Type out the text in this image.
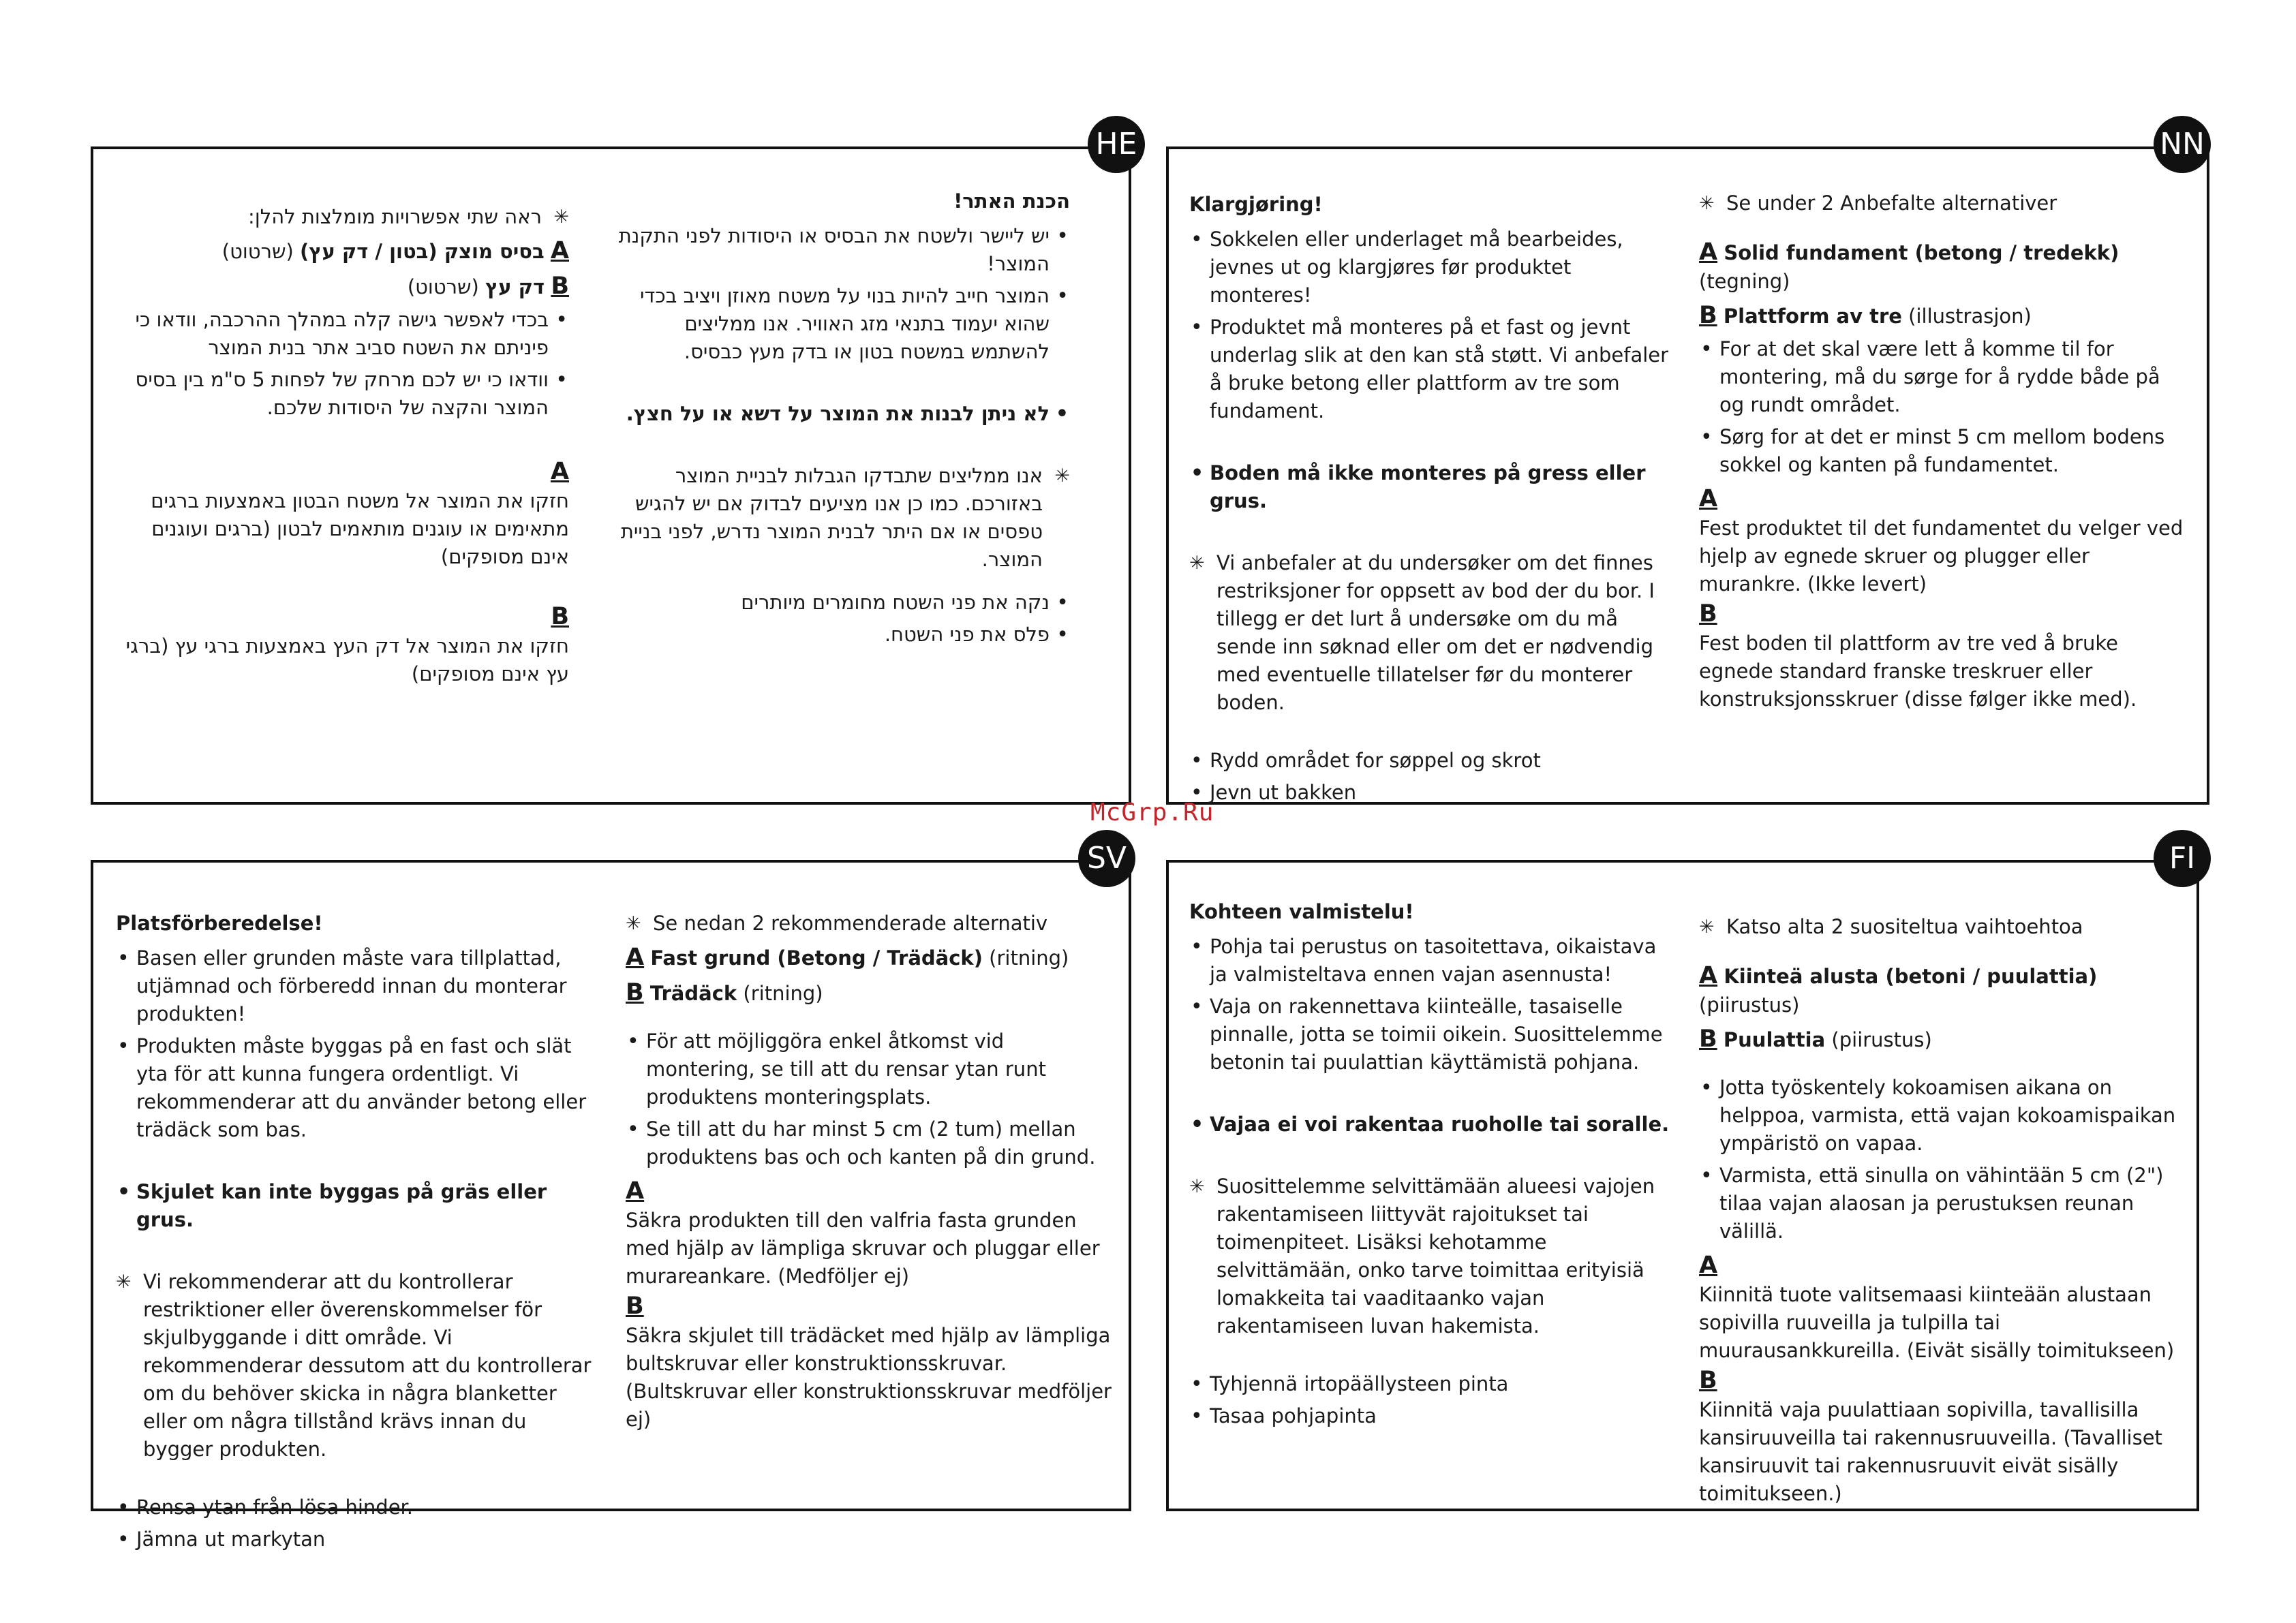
HE

הכנת האתר!

• יש ליישר ולשטח את הבסיס או היסודות לפני התקנת המוצר!

• המוצר חייב להיות בנוי על משטח מאוזן ויציב בכדי שהוא יעמוד בתנאי מזג האוויר. אנו ממליצים להשתמש במשטח בטון או בדק מעץ כבסיס.

• לא ניתן לבנות את המוצר על דשא או על חצץ.

✳ אנו ממליצים שתבדקו הגבלות לבניית המוצר באזורכם. כמו כן אנו מציעים לבדוק אם יש להגיש טפסים או אם היתר לבנית המוצר נדרש, לפני בניית המוצר.

• נקה את פני השטח מחומרים מיותרים

• פלס את פני השטח.

✳ ראה שתי אפשרויות מומלצות להלן:

A בסיס מוצק (בטון / דק עץ) (שרטוט)

B דק עץ (שרטוט)

• בכדי לאפשר גישה קלה במהלך ההרכבה, וודאו כי פיניתם את השטח סביב אתר בנית המוצר

• וודאו כי יש לכם מרחק של לפחות 5 ס"מ בין בסיס המוצר והקצה של היסודות שלכם.

A

חזקו את המוצר אל משטח הבטון באמצעות ברגים מתאימים או עוגנים מותאמים לבטון (ברגים ועוגנים אינם מסופקים)

B

חזקו את המוצר אל דק העץ באמצעות ברגי עץ (ברגי עץ אינם מסופקים)

NN

Klargjøring!

• Sokkelen eller underlaget må bearbeides, jevnes ut og klargjøres før produktet monteres!

• Produktet må monteres på et fast og jevnt underlag slik at den kan stå støtt. Vi anbefaler å bruke betong eller plattform av tre som fundament.

• Boden må ikke monteres på gress eller grus.

✳ Vi anbefaler at du undersøker om det finnes restriksjoner for oppsett av bod der du bor. I tillegg er det lurt å undersøke om du må sende inn søknad eller om det er nødvendig med eventuelle tillatelser før du monterer boden.

• Rydd området for søppel og skrot

• Jevn ut bakken

✳ Se under 2 Anbefalte alternativer

A Solid fundament (betong / tredekk) (tegning)

B Plattform av tre (illustrasjon)

• For at det skal være lett å komme til for montering, må du sørge for å rydde både på og rundt området.

• Sørg for at det er minst 5 cm mellom bodens sokkel og kanten på fundamentet.

A

Fest produktet til det fundamentet du velger ved hjelp av egnede skruer og plugger eller murankre. (Ikke levert)

B

Fest boden til plattform av tre ved å bruke egnede standard franske treskruer eller konstruksjonsskruer (disse følger ikke med).

McGrp.Ru
SV

Platsförberedelse!

• Basen eller grunden måste vara tillplattad, utjämnad och förberedd innan du monterar produkten!

• Produkten måste byggas på en fast och slät yta för att kunna fungera ordentligt. Vi rekommenderar att du använder betong eller trädäck som bas.

• Skjulet kan inte byggas på gräs eller grus.

✳ Vi rekommenderar att du kontrollerar restriktioner eller överenskommelser för skjulbyggande i ditt område. Vi rekommenderar dessutom att du kontrollerar om du behöver skicka in några blanketter eller om några tillstånd krävs innan du bygger produkten.

• Rensa ytan från lösa hinder.

• Jämna ut markytan

✳ Se nedan 2 rekommenderade alternativ

A Fast grund (Betong / Trädäck) (ritning)

B Trädäck (ritning)

• För att möjliggöra enkel åtkomst vid montering, se till att du rensar ytan runt produktens monteringsplats.

• Se till att du har minst 5 cm (2 tum) mellan produktens bas och och kanten på din grund.

A

Säkra produkten till den valfria fasta grunden med hjälp av lämpliga skruvar och pluggar eller murareankare. (Medföljer ej)

B

Säkra skjulet till trädäcket med hjälp av lämpliga bultskruvar eller konstruktionsskruvar. (Bultskruvar eller konstruktionsskruvar medföljer ej)

FI

Kohteen valmistelu!

• Pohja tai perustus on tasoitettava, oikaistava ja valmisteltava ennen vajan asennusta!

• Vaja on rakennettava kiinteälle, tasaiselle pinnalle, jotta se toimii oikein. Suosittelemme betonin tai puulattian käyttämistä pohjana.

• Vajaa ei voi rakentaa ruoholle tai soralle.

✳ Suosittelemme selvittämään alueesi vajojen rakentamiseen liittyvät rajoitukset tai toimenpiteet. Lisäksi kehotamme selvittämään, onko tarve toimittaa erityisiä lomakkeita tai vaaditaanko vajan rakentamiseen luvan hakemista.

• Tyhjennä irtopäällysteen pinta

• Tasaa pohjapinta

✳ Katso alta 2 suositeltua vaihtoehtoa

A Kiinteä alusta (betoni / puulattia) (piirustus)

B Puulattia (piirustus)

• Jotta työskentely kokoamisen aikana on helppoa, varmista, että vajan kokoamispaikan ympäristö on vapaa.

• Varmista, että sinulla on vähintään 5 cm (2") tilaa vajan alaosan ja perustuksen reunan välillä.

A

Kiinnitä tuote valitsemaasi kiinteään alustaan sopivilla ruuveilla ja tulpilla tai muurausankkureilla. (Eivät sisälly toimitukseen)

B

Kiinnitä vaja puulattiaan sopivilla, tavallisilla kansiruuveilla tai rakennusruuveilla. (Tavalliset kansiruuvit tai rakennusruuvit eivät sisälly toimitukseen.)
